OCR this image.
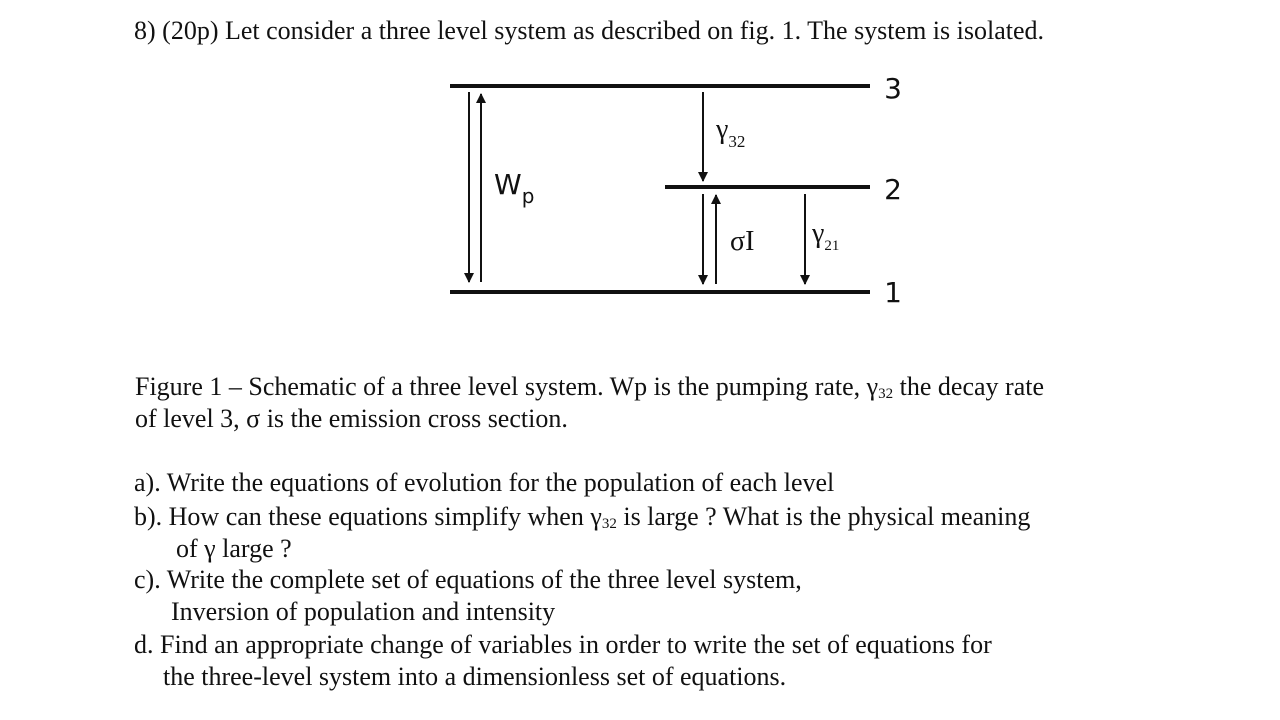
8) (20p) Let consider a three level system as described on fig. 1. The system is isolated.
3
2
1
$W_p$
$\gamma_{32}$
σI $\gamma_{21}$
Figure 1 – Schematic of a three level system. Wp is the pumping rate, $\gamma_{32}$ the decay rate
of level 3, σ is the emission cross section.
a). Write the equations of evolution for the population of each level
b). How can these equations simplify when $\gamma_{32}$ is large ? What is the physical meaning
of γ large ?
c). Write the complete set of equations of the three level system,
Inversion of population and intensity
d. Find an appropriate change of variables in order to write the set of equations for
the three-level system into a dimensionless set of equations.
